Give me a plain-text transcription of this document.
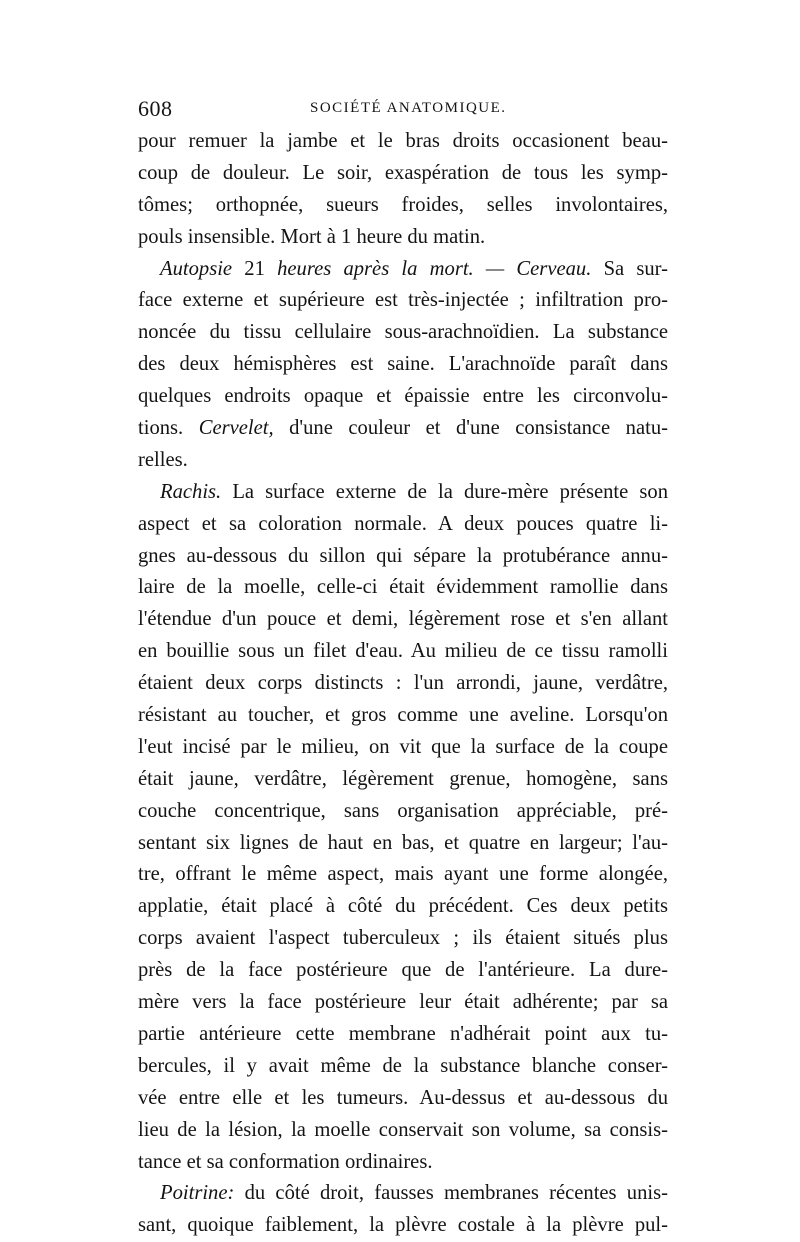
608	SOCIÉTÉ ANATOMIQUE.
pour remuer la jambe et le bras droits occasionent beau-
coup de douleur. Le soir, exaspération de tous les symp-
tômes; orthopnée, sueurs froides, selles involontaires,
pouls insensible. Mort à 1 heure du matin.
Autopsie 21 heures après la mort. — Cerveau. Sa sur-
face externe et supérieure est très-injectée ; infiltration pro-
noncée du tissu cellulaire sous-arachnoïdien. La substance
des deux hémisphères est saine. L'arachnoïde paraît dans
quelques endroits opaque et épaissie entre les circonvolu-
tions. Cervelet, d'une couleur et d'une consistance natu-
relles.
Rachis. La surface externe de la dure-mère présente son
aspect et sa coloration normale. A deux pouces quatre li-
gnes au-dessous du sillon qui sépare la protubérance annu-
laire de la moelle, celle-ci était évidemment ramollie dans
l'étendue d'un pouce et demi, légèrement rose et s'en allant
en bouillie sous un filet d'eau. Au milieu de ce tissu ramolli
étaient deux corps distincts : l'un arrondi, jaune, verdâtre,
résistant au toucher, et gros comme une aveline. Lorsqu'on
l'eut incisé par le milieu, on vit que la surface de la coupe
était jaune, verdâtre, légèrement grenue, homogène, sans
couche concentrique, sans organisation appréciable, pré-
sentant six lignes de haut en bas, et quatre en largeur; l'au-
tre, offrant le même aspect, mais ayant une forme alongée,
applatie, était placé à côté du précédent. Ces deux petits
corps avaient l'aspect tuberculeux ; ils étaient situés plus
près de la face postérieure que de l'antérieure. La dure-
mère vers la face postérieure leur était adhérente; par sa
partie antérieure cette membrane n'adhérait point aux tu-
bercules, il y avait même de la substance blanche conser-
vée entre elle et les tumeurs. Au-dessus et au-dessous du
lieu de la lésion, la moelle conservait son volume, sa consis-
tance et sa conformation ordinaires.
Poitrine: du côté droit, fausses membranes récentes unis-
sant, quoique faiblement, la plèvre costale à la plèvre pul-
